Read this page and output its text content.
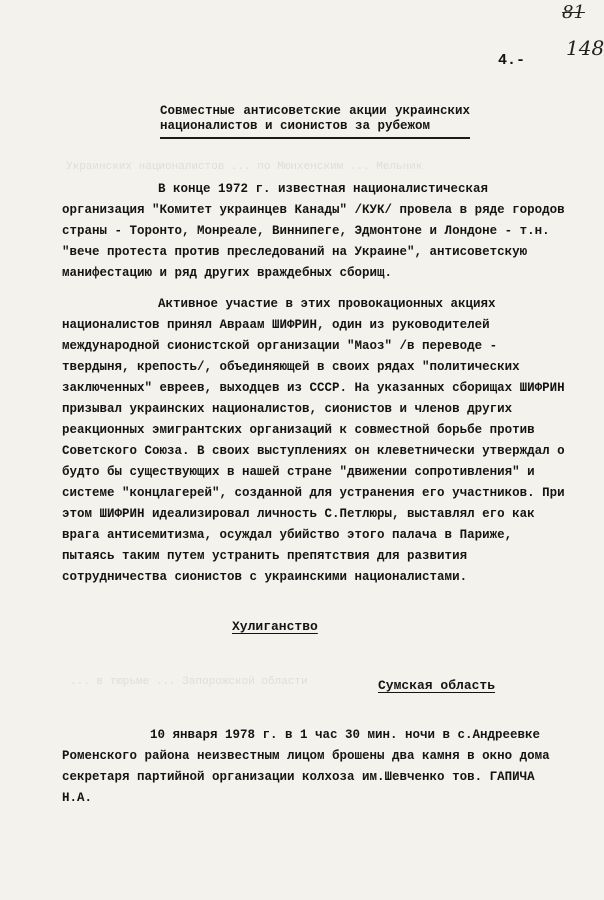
81
148
4.-
Украинских националистов ... по Мюнхенским ... Мельник
... в тюрьме ... Запорожской области
Совместные антисоветские акции украинских националистов и сионистов за рубежом
В конце 1972 г. известная националистическая организация "Комитет украинцев Канады" /КУК/ провела в ряде городов страны - Торонто, Монреале, Виннипеге, Эдмонтоне и Лондоне - т.н. "вече протеста против преследований на Украине", антисоветскую манифестацию и ряд других враждебных сборищ.
Активное участие в этих провокационных акциях националистов принял Авраам ШИФРИН, один из руководителей международной сионистской организации "Маоз" /в переводе - твердыня, крепость/, объединяющей в своих рядах "политических заключенных" евреев, выходцев из СССР. На указанных сборищах ШИФРИН призывал украинских националистов, сионистов и членов других реакционных эмигрантских организаций к совместной борьбе против Советского Союза. В своих выступлениях он клеветнически утверждал о будто бы существующих в нашей стране "движении сопротивления" и системе "концлагерей", созданной для устранения его участников. При этом ШИФРИН идеализировал личность С.Петлюры, выставлял его как врага антисемитизма, осуждал убийство этого палача в Париже, пытаясь таким путем устранить препятствия для развития сотрудничества сионистов с украинскими националистами.
Хулиганство
Сумская область
10 января 1978 г. в 1 час 30 мин. ночи в с.Андреевке Роменского района неизвестным лицом брошены два камня в окно дома секретаря партийной организации колхоза им.Шевченко тов. ГАПИЧА Н.А.
